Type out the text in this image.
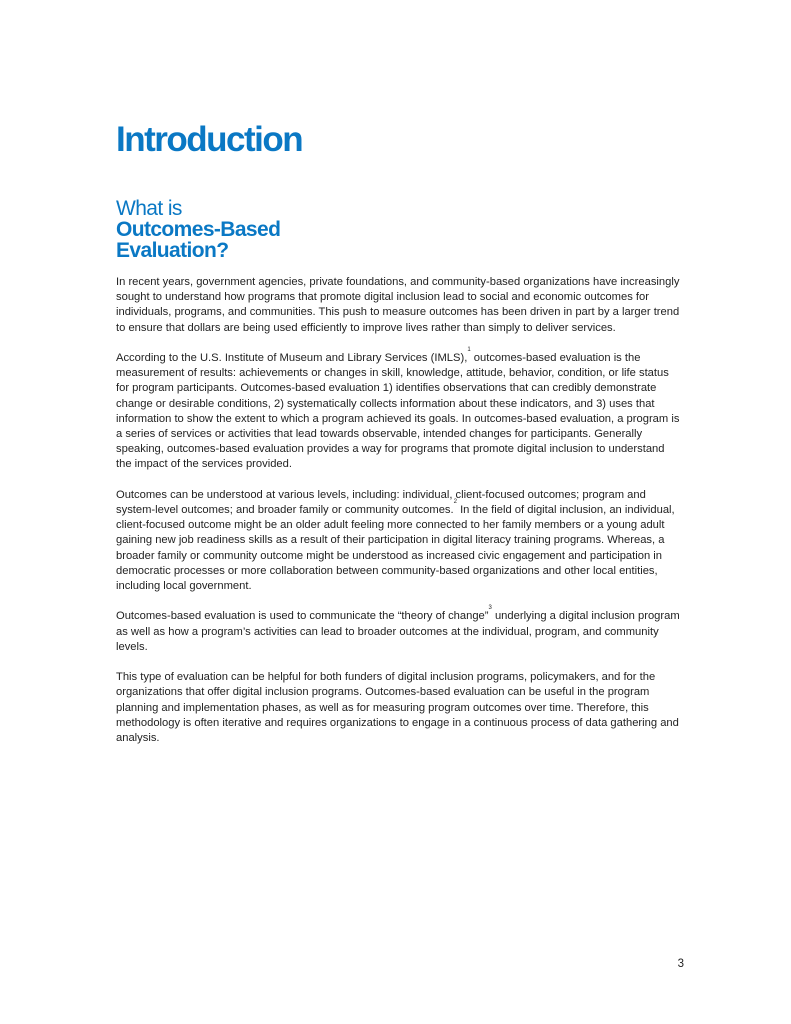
Introduction
What is
Outcomes-Based
Evaluation?

In recent years, government agencies, private foundations, and community-based organizations have increasingly sought to understand how programs that promote digital inclusion lead to social and economic outcomes for individuals, programs, and communities. This push to measure outcomes has been driven in part by a larger trend to ensure that dollars are being used efficiently to improve lives rather than simply to deliver services.

According to the U.S. Institute of Museum and Library Services (IMLS),$^1$ outcomes-based evaluation is the measurement of results: achievements or changes in skill, knowledge, attitude, behavior, condition, or life status for program participants. Outcomes-based evaluation 1) identifies observations that can credibly demonstrate change or desirable conditions, 2) systematically collects information about these indicators, and 3) uses that information to show the extent to which a program achieved its goals. In outcomes-based evaluation, a program is a series of services or activities that lead towards observable, intended changes for participants. Generally speaking, outcomes-based evaluation provides a way for programs that promote digital inclusion to understand the impact of the services provided.

Outcomes can be understood at various levels, including: individual, client-focused outcomes; program and system-level outcomes; and broader family or community outcomes.$^2$ In the field of digital inclusion, an individual, client-focused outcome might be an older adult feeling more connected to her family members or a young adult gaining new job readiness skills as a result of their participation in digital literacy training programs. Whereas, a broader family or community outcome might be understood as increased civic engagement and participation in democratic processes or more collaboration between community-based organizations and other local entities, including local government.

Outcomes-based evaluation is used to communicate the “theory of change”$^3$ underlying a digital inclusion program as well as how a program’s activities can lead to broader outcomes at the individual, program, and community levels.

This type of evaluation can be helpful for both funders of digital inclusion programs, policymakers, and for the organizations that offer digital inclusion programs. Outcomes-based evaluation can be useful in the program planning and implementation phases, as well as for measuring program outcomes over time. Therefore, this methodology is often iterative and requires organizations to engage in a continuous process of data gathering and analysis.

3
